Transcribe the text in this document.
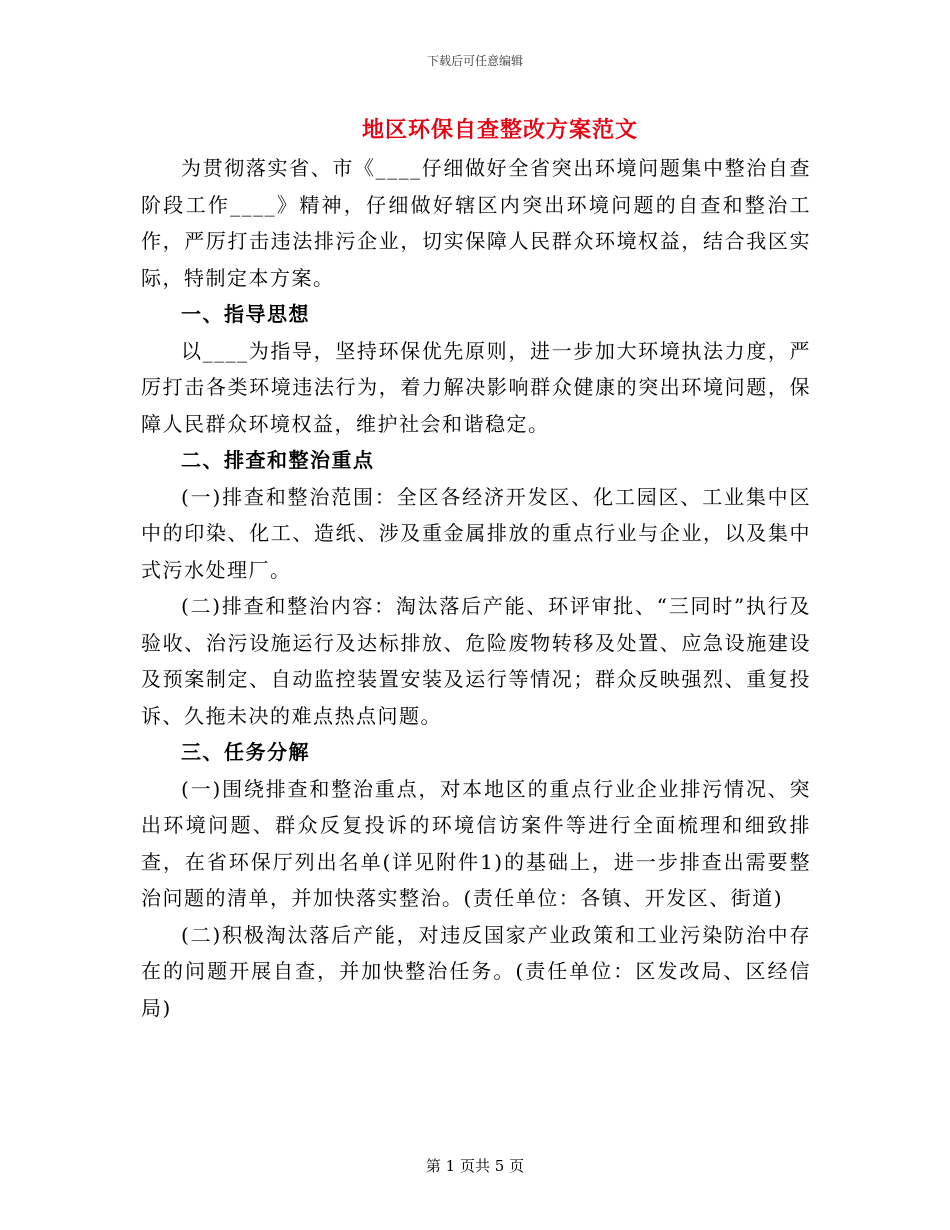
下载后可任意编辑
地区环保自查整改方案范文

为贯彻落实省、市《____仔细做好全省突出环境问题集中整治自查阶段工作____》精神，仔细做好辖区内突出环境问题的自查和整治工作，严厉打击违法排污企业，切实保障人民群众环境权益，结合我区实际，特制定本方案。

一、指导思想

以____为指导，坚持环保优先原则，进一步加大环境执法力度，严厉打击各类环境违法行为，着力解决影响群众健康的突出环境问题，保障人民群众环境权益，维护社会和谐稳定。

二、排查和整治重点

(一)排查和整治范围：全区各经济开发区、化工园区、工业集中区中的印染、化工、造纸、涉及重金属排放的重点行业与企业，以及集中式污水处理厂。

(二)排查和整治内容：淘汰落后产能、环评审批、“三同时”执行及验收、治污设施运行及达标排放、危险废物转移及处置、应急设施建设及预案制定、自动监控装置安装及运行等情况；群众反映强烈、重复投诉、久拖未决的难点热点问题。

三、任务分解

(一)围绕排查和整治重点，对本地区的重点行业企业排污情况、突出环境问题、群众反复投诉的环境信访案件等进行全面梳理和细致排查，在省环保厅列出名单(详见附件1)的基础上，进一步排查出需要整治问题的清单，并加快落实整治。(责任单位：各镇、开发区、街道)

(二)积极淘汰落后产能，对违反国家产业政策和工业污染防治中存在的问题开展自查，并加快整治任务。(责任单位：区发改局、区经信局)

第 1 页共 5 页
